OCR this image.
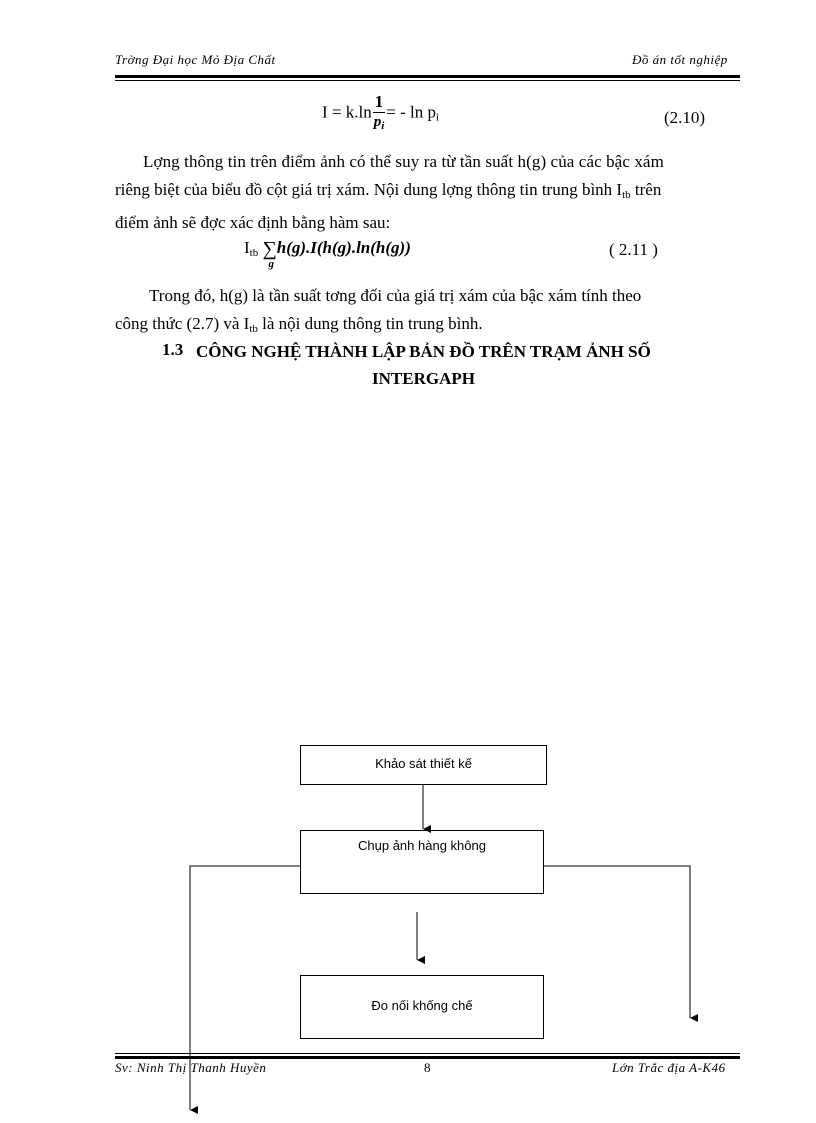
Trờng Đại học Mỏ Địa Chất	Đồ án tốt nghiệp
$I = k.\ln \frac{1}{p_i}$ = - $\ln p_i$	(2.10)
Lợng thông tin trên điểm ảnh có thể suy ra từ tần suất h(g) của các bậc xám
riêng biệt của biểu đồ cột giá trị xám. Nội dung lợng thông tin trung bình $I_{tb}$ trên
điểm ảnh sẽ đợc xác định bằng hàm sau:
$I_{tb}$ ∑
g
h(g).I(h(g).ln(h(g))	( 2.11 )
Trong đó, h(g) là tần suất tơng đối của giá trị xám của bậc xám tính theo
công thức (2.7) và $I_{tb}$ là nội dung thông tin trung bình.
1.3 CÔNG NGHỆ THÀNH LẬP BẢN ĐỒ TRÊN TRẠM ẢNH SỐ
INTERGAPH
Khảo sát thiết kế
Chụp ảnh hàng không
Đo nối khống chế
Sv: Ninh Thị Thanh Huyền	8	Lớn Trắc địa A-K46
